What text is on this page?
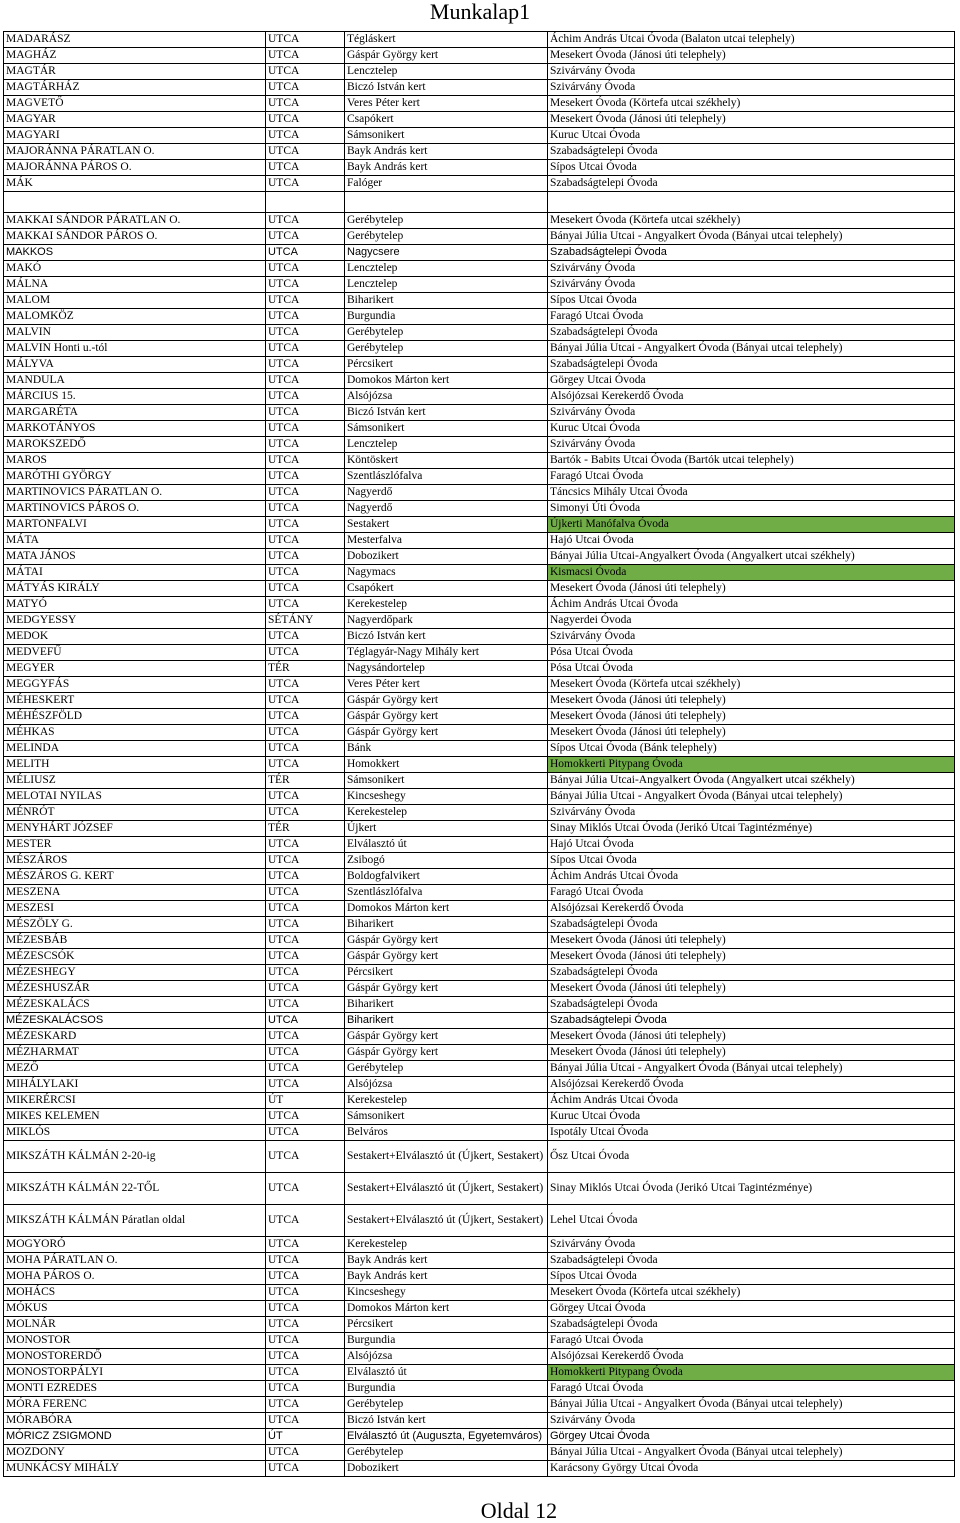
Munkalap1
MADARÁSZ	UTCA	Tégláskert	Áchim András Utcai Óvoda (Balaton utcai telephely)
MAGHÁZ	UTCA	Gáspár György kert	Mesekert Óvoda (Jánosi úti telephely)
MAGTÁR	UTCA	Lencztelep	Szivárvány Óvoda
MAGTÁRHÁZ	UTCA	Biczó István kert	Szivárvány Óvoda
MAGVETŐ	UTCA	Veres Péter kert	Mesekert Óvoda (Körtefa utcai székhely)
MAGYAR	UTCA	Csapókert	Mesekert Óvoda (Jánosi úti telephely)
MAGYARI	UTCA	Sámsonikert	Kuruc Utcai Óvoda
MAJORÁNNA PÁRATLAN O.	UTCA	Bayk András kert	Szabadságtelepi Óvoda
MAJORÁNNA PÁROS O.	UTCA	Bayk András kert	Sípos Utcai Óvoda
MÁK	UTCA	Falóger	Szabadságtelepi Óvoda

MAKKAI SÁNDOR PÁRATLAN O.	UTCA	Gerébytelep	Mesekert Óvoda (Körtefa utcai székhely)
MAKKAI SÁNDOR PÁROS O.	UTCA	Gerébytelep	Bányai Júlia Utcai - Angyalkert Óvoda (Bányai utcai telephely)
MAKKOS	UTCA	Nagycsere	Szabadságtelepi Óvoda
MAKÓ	UTCA	Lencztelep	Szivárvány Óvoda
MÁLNA	UTCA	Lencztelep	Szivárvány Óvoda
MALOM	UTCA	Biharikert	Sípos Utcai Óvoda
MALOMKÖZ	UTCA	Burgundia	Faragó Utcai Óvoda
MALVIN	UTCA	Gerébytelep	Szabadságtelepi Óvoda
MALVIN Honti u.-tól	UTCA	Gerébytelep	Bányai Júlia Utcai - Angyalkert Óvoda (Bányai utcai telephely)
MÁLYVA	UTCA	Pércsikert	Szabadságtelepi Óvoda
MANDULA	UTCA	Domokos Márton kert	Görgey Utcai Óvoda
MÁRCIUS 15.	UTCA	Alsójózsa	Alsójózsai Kerekerdő Óvoda
MARGARÉTA	UTCA	Biczó István kert	Szivárvány Óvoda
MARKOTÁNYOS	UTCA	Sámsonikert	Kuruc Utcai Óvoda
MAROKSZEDŐ	UTCA	Lencztelep	Szivárvány Óvoda
MAROS	UTCA	Köntöskert	Bartók - Babits Utcai Óvoda (Bartók utcai telephely)
MARÓTHI GYÖRGY	UTCA	Szentlászlófalva	Faragó Utcai Óvoda
MARTINOVICS PÁRATLAN O.	UTCA	Nagyerdő	Táncsics Mihály Utcai Óvoda
MARTINOVICS PÁROS O.	UTCA	Nagyerdő	Simonyi Úti Óvoda
MARTONFALVI	UTCA	Sestakert	Újkerti Manófalva Óvoda
MÁTA	UTCA	Mesterfalva	Hajó Utcai Óvoda
MATA JÁNOS	UTCA	Dobozikert	Bányai Júlia Utcai-Angyalkert Óvoda (Angyalkert utcai székhely)
MÁTAI	UTCA	Nagymacs	Kismacsi Óvoda
MÁTYÁS KIRÁLY	UTCA	Csapókert	Mesekert Óvoda (Jánosi úti telephely)
MATYÓ	UTCA	Kerekestelep	Áchim András Utcai Óvoda
MEDGYESSY	SÉTÁNY	Nagyerdőpark	Nagyerdei Óvoda
MEDOK	UTCA	Biczó István kert	Szivárvány Óvoda
MEDVEFŰ	UTCA	Téglagyár-Nagy Mihály kert	Pósa Utcai Óvoda
MEGYER	TÉR	Nagysándortelep	Pósa Utcai Óvoda
MEGGYFÁS	UTCA	Veres Péter kert	Mesekert Óvoda (Körtefa utcai székhely)
MÉHESKERT	UTCA	Gáspár György kert	Mesekert Óvoda (Jánosi úti telephely)
MÉHÉSZFÖLD	UTCA	Gáspár György kert	Mesekert Óvoda (Jánosi úti telephely)
MÉHKAS	UTCA	Gáspár György kert	Mesekert Óvoda (Jánosi úti telephely)
MELINDA	UTCA	Bánk	Sípos Utcai Óvoda (Bánk telephely)
MELITH	UTCA	Homokkert	Homokkerti Pitypang Óvoda
MÉLIUSZ	TÉR	Sámsonikert	Bányai Júlia Utcai-Angyalkert Óvoda (Angyalkert utcai székhely)
MELOTAI NYILAS	UTCA	Kincseshegy	Bányai Júlia Utcai - Angyalkert Óvoda (Bányai utcai telephely)
MÉNRÓT	UTCA	Kerekestelep	Szivárvány Óvoda
MENYHÁRT JÓZSEF	TÉR	Újkert	Sinay Miklós Utcai Óvoda (Jerikó Utcai Tagintézménye)
MESTER	UTCA	Elválasztó út	Hajó Utcai Óvoda
MÉSZÁROS	UTCA	Zsibogó	Sípos Utcai Óvoda
MÉSZÁROS G. KERT	UTCA	Boldogfalvikert	Áchim András Utcai Óvoda
MESZENA	UTCA	Szentlászlófalva	Faragó Utcai Óvoda
MESZESI	UTCA	Domokos Márton kert	Alsójózsai Kerekerdő Óvoda
MÉSZÖLY G.	UTCA	Biharikert	Szabadságtelepi Óvoda
MÉZESBÁB	UTCA	Gáspár György kert	Mesekert Óvoda (Jánosi úti telephely)
MÉZESCSÓK	UTCA	Gáspár György kert	Mesekert Óvoda (Jánosi úti telephely)
MÉZESHEGY	UTCA	Pércsikert	Szabadságtelepi Óvoda
MÉZESHUSZÁR	UTCA	Gáspár György kert	Mesekert Óvoda (Jánosi úti telephely)
MÉZESKALÁCS	UTCA	Biharikert	Szabadságtelepi Óvoda
MÉZESKALÁCSOS	UTCA	Biharikert	Szabadságtelepi Óvoda
MÉZESKARD	UTCA	Gáspár György kert	Mesekert Óvoda (Jánosi úti telephely)
MÉZHARMAT	UTCA	Gáspár György kert	Mesekert Óvoda (Jánosi úti telephely)
MEZŐ	UTCA	Gerébytelep	Bányai Júlia Utcai - Angyalkert Óvoda (Bányai utcai telephely)
MIHÁLYLAKI	UTCA	Alsójózsa	Alsójózsai Kerekerdő Óvoda
MIKERÉRCSI	ÚT	Kerekestelep	Áchim András Utcai Óvoda
MIKES KELEMEN	UTCA	Sámsonikert	Kuruc Utcai Óvoda
MIKLÓS	UTCA	Belváros	Ispotály Utcai Óvoda
MIKSZÁTH KÁLMÁN 2-20-ig	UTCA	Sestakert+Elválasztó út (Újkert, Sestakert)	Ősz Utcai Óvoda
MIKSZÁTH KÁLMÁN 22-TŐL	UTCA	Sestakert+Elválasztó út (Újkert, Sestakert)	Sinay Miklós Utcai Óvoda (Jerikó Utcai Tagintézménye)
MIKSZÁTH KÁLMÁN Páratlan oldal	UTCA	Sestakert+Elválasztó út (Újkert, Sestakert)	Lehel Utcai Óvoda
MOGYORÓ	UTCA	Kerekestelep	Szivárvány Óvoda
MOHA PÁRATLAN O.	UTCA	Bayk András kert	Szabadságtelepi Óvoda
MOHA PÁROS O.	UTCA	Bayk András kert	Sípos Utcai Óvoda
MOHÁCS	UTCA	Kincseshegy	Mesekert Óvoda (Körtefa utcai székhely)
MÓKUS	UTCA	Domokos Márton kert	Görgey Utcai Óvoda
MOLNÁR	UTCA	Pércsikert	Szabadságtelepi Óvoda
MONOSTOR	UTCA	Burgundia	Faragó Utcai Óvoda
MONOSTORERDŐ	UTCA	Alsójózsa	Alsójózsai Kerekerdő Óvoda
MONOSTORPÁLYI	UTCA	Elválasztó út	Homokkerti Pitypang Óvoda
MONTI EZREDES	UTCA	Burgundia	Faragó Utcai Óvoda
MÓRA FERENC	UTCA	Gerébytelep	Bányai Júlia Utcai - Angyalkert Óvoda (Bányai utcai telephely)
MÓRABÓRA	UTCA	Biczó István kert	Szivárvány Óvoda
MÓRICZ ZSIGMOND	ÚT	Elválasztó út (Auguszta, Egyetemváros)	Görgey Utcai Óvoda
MOZDONY	UTCA	Gerébytelep	Bányai Júlia Utcai - Angyalkert Óvoda (Bányai utcai telephely)
MUNKÁCSY MIHÁLY	UTCA	Dobozikert	Karácsony György Utcai Óvoda
Oldal 12
